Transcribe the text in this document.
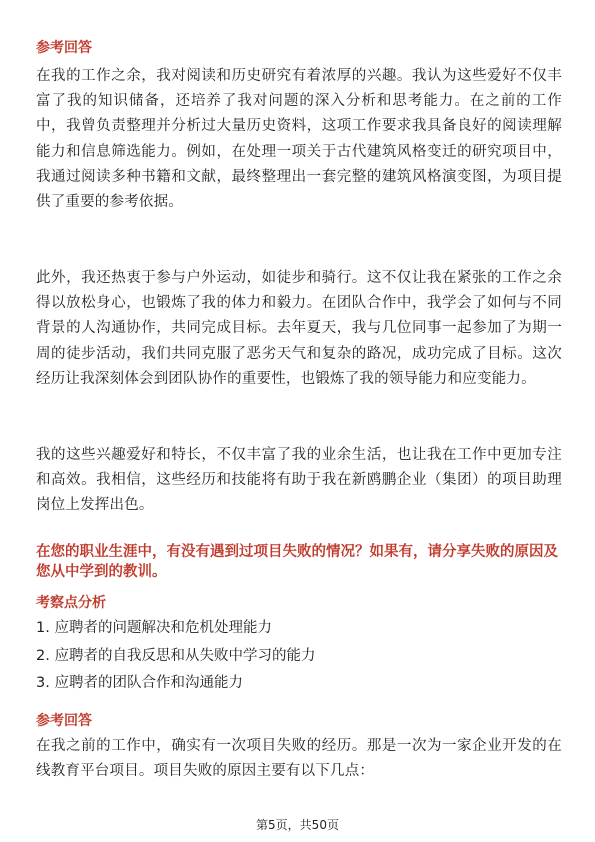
参考回答
在我的工作之余，我对阅读和历史研究有着浓厚的兴趣。我认为这些爱好不仅丰富了我的知识储备，还培养了我对问题的深入分析和思考能力。在之前的工作中，我曾负责整理并分析过大量历史资料，这项工作要求我具备良好的阅读理解能力和信息筛选能力。例如，在处理一项关于古代建筑风格变迁的研究项目中，我通过阅读多种书籍和文献，最终整理出一套完整的建筑风格演变图，为项目提供了重要的参考依据。
此外，我还热衷于参与户外运动，如徒步和骑行。这不仅让我在紧张的工作之余得以放松身心，也锻炼了我的体力和毅力。在团队合作中，我学会了如何与不同背景的人沟通协作，共同完成目标。去年夏天，我与几位同事一起参加了为期一周的徒步活动，我们共同克服了恶劣天气和复杂的路况，成功完成了目标。这次经历让我深刻体会到团队协作的重要性，也锻炼了我的领导能力和应变能力。
我的这些兴趣爱好和特长，不仅丰富了我的业余生活，也让我在工作中更加专注和高效。我相信，这些经历和技能将有助于我在新鸥鹏企业（集团）的项目助理岗位上发挥出色。
在您的职业生涯中，有没有遇到过项目失败的情况？如果有，请分享失败的原因及您从中学到的教训。
考察点分析
1. 应聘者的问题解决和危机处理能力
2. 应聘者的自我反思和从失败中学习的能力
3. 应聘者的团队合作和沟通能力
参考回答
在我之前的工作中，确实有一次项目失败的经历。那是一次为一家企业开发的在线教育平台项目。项目失败的原因主要有以下几点：
第5页，共50页
